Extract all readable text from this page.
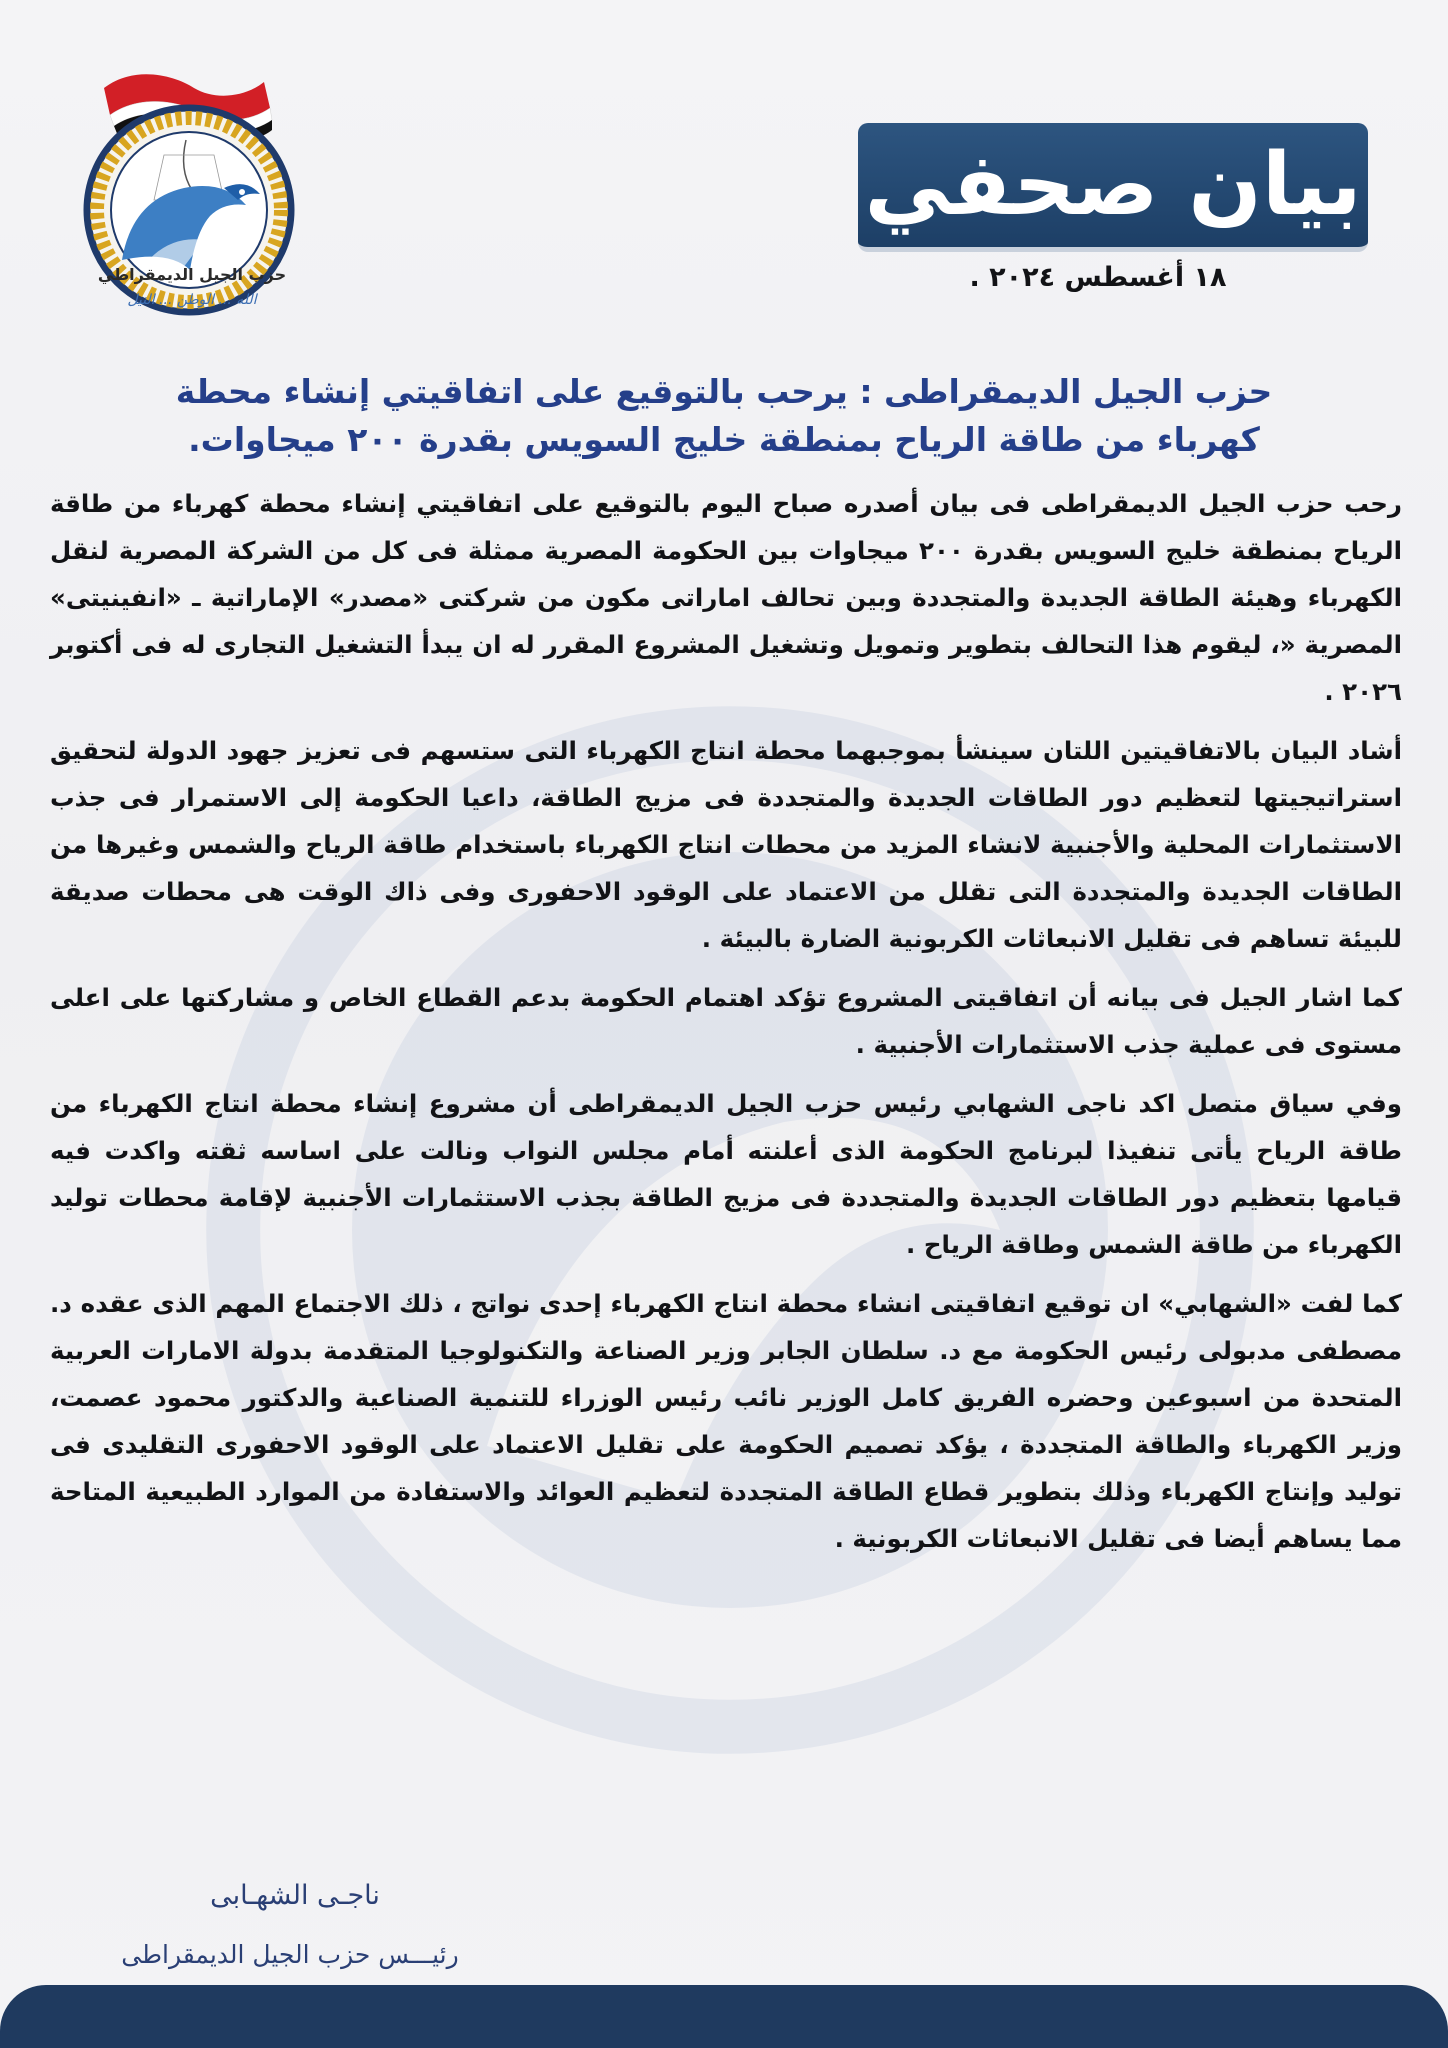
حزب الجيل الديمقراطي
الله ... الوطن ... النيل
بيان صحفي
١٨ أغسطس ٢٠٢٤ .
حزب الجيل الديمقراطى : يرحب بالتوقيع على اتفاقيتي إنشاء محطة
كهرباء من طاقة الرياح بمنطقة خليج السويس بقدرة ٢٠٠ ميجاوات.

رحب حزب الجيل الديمقراطى فى بيان أصدره صباح اليوم بالتوقيع على اتفاقيتي إنشاء محطة كهرباء من طاقة الرياح بمنطقة خليج السويس بقدرة ٢٠٠ ميجاوات بين الحكومة المصرية ممثلة فى كل من الشركة المصرية لنقل الكهرباء وهيئة الطاقة الجديدة والمتجددة وبين تحالف اماراتى مكون من شركتى «مصدر» الإماراتية ـ «انفينيتى» المصرية «، ليقوم هذا التحالف بتطوير وتمويل وتشغيل المشروع المقرر له ان يبدأ التشغيل التجارى له فى أكتوبر ٢٠٢٦ .

أشاد البيان بالاتفاقيتين اللتان سينشأ بموجبهما محطة انتاج الكهرباء التى ستسهم فى تعزيز جهود الدولة لتحقيق استراتيجيتها لتعظيم دور الطاقات الجديدة والمتجددة فى مزيج الطاقة، داعيا الحكومة إلى الاستمرار فى جذب الاستثمارات المحلية والأجنبية لانشاء المزيد من محطات انتاج الكهرباء باستخدام طاقة الرياح والشمس وغيرها من الطاقات الجديدة والمتجددة التى تقلل من الاعتماد على الوقود الاحفورى وفى ذاك الوقت هى محطات صديقة للبيئة تساهم فى تقليل الانبعاثات الكربونية الضارة بالبيئة .

كما اشار الجيل فى بيانه أن اتفاقيتى المشروع تؤكد اهتمام الحكومة بدعم القطاع الخاص و مشاركتها على اعلى مستوى فى عملية جذب الاستثمارات الأجنبية .

وفي سياق متصل اكد ناجى الشهابي رئيس حزب الجيل الديمقراطى أن مشروع إنشاء محطة انتاج الكهرباء من طاقة الرياح يأتى تنفيذا لبرنامج الحكومة الذى أعلنته أمام مجلس النواب ونالت على اساسه ثقته واكدت فيه قيامها بتعظيم دور الطاقات الجديدة والمتجددة فى مزيج الطاقة بجذب الاستثمارات الأجنبية لإقامة محطات توليد الكهرباء من طاقة الشمس وطاقة الرياح .

كما لفت «الشهابي» ان توقيع اتفاقيتى انشاء محطة انتاج الكهرباء إحدى نواتج ، ذلك الاجتماع المهم الذى عقده د. مصطفى مدبولى رئيس الحكومة مع د. سلطان الجابر وزير الصناعة والتكنولوجيا المتقدمة بدولة الامارات العربية المتحدة من اسبوعين وحضره الفريق كامل الوزير نائب رئيس الوزراء للتنمية الصناعية والدكتور محمود عصمت، وزير الكهرباء والطاقة المتجددة ، يؤكد تصميم الحكومة على تقليل الاعتماد على الوقود الاحفورى التقليدى فى توليد وإنتاج الكهرباء وذلك بتطوير قطاع الطاقة المتجددة لتعظيم العوائد والاستفادة من الموارد الطبيعية المتاحة مما يساهم أيضا فى تقليل الانبعاثات الكربونية .

ناجـى الشهـابى
رئيـــس حزب الجيل الديمقراطى
